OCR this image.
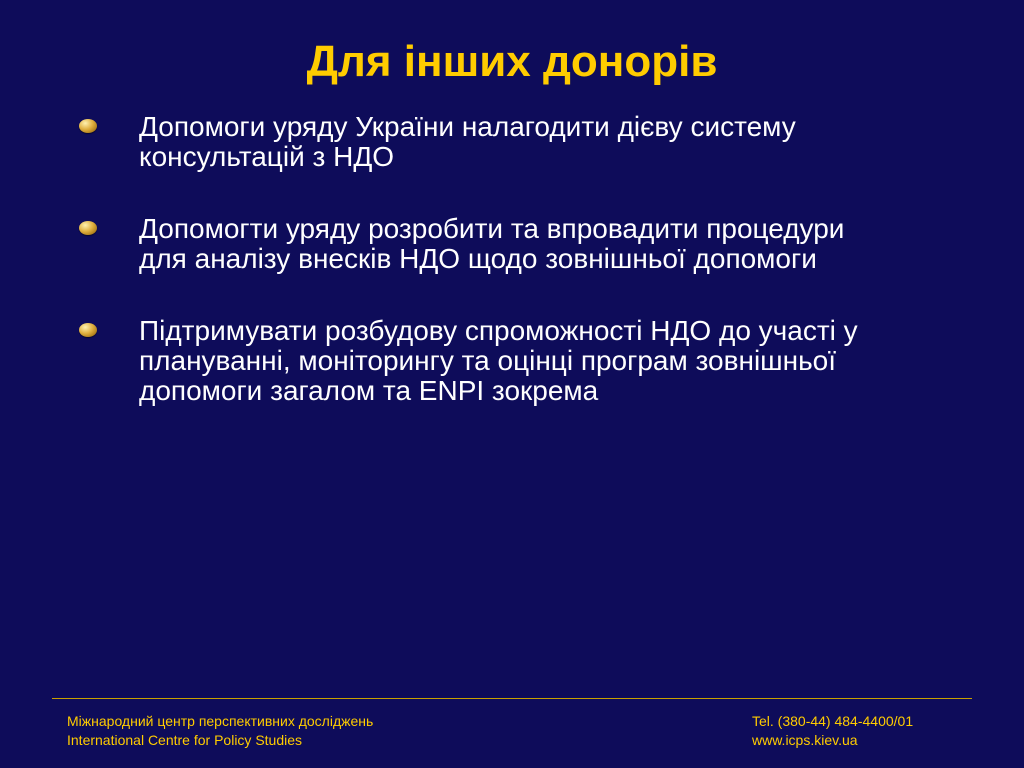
Для інших донорів
Допомоги уряду України налагодити дієву систему
консультацій з НДО
Допомогти уряду розробити та впровадити процедури
для аналізу внесків НДО щодо зовнішньої допомоги
Підтримувати розбудову спроможності НДО до участі у
плануванні, моніторингу та оцінці програм зовнішньої
допомоги загалом та ENPI зокрема
Міжнародний центр перспективних досліджень
International Centre for Policy Studies
Tel. (380-44) 484-4400/01
www.icps.kiev.ua
